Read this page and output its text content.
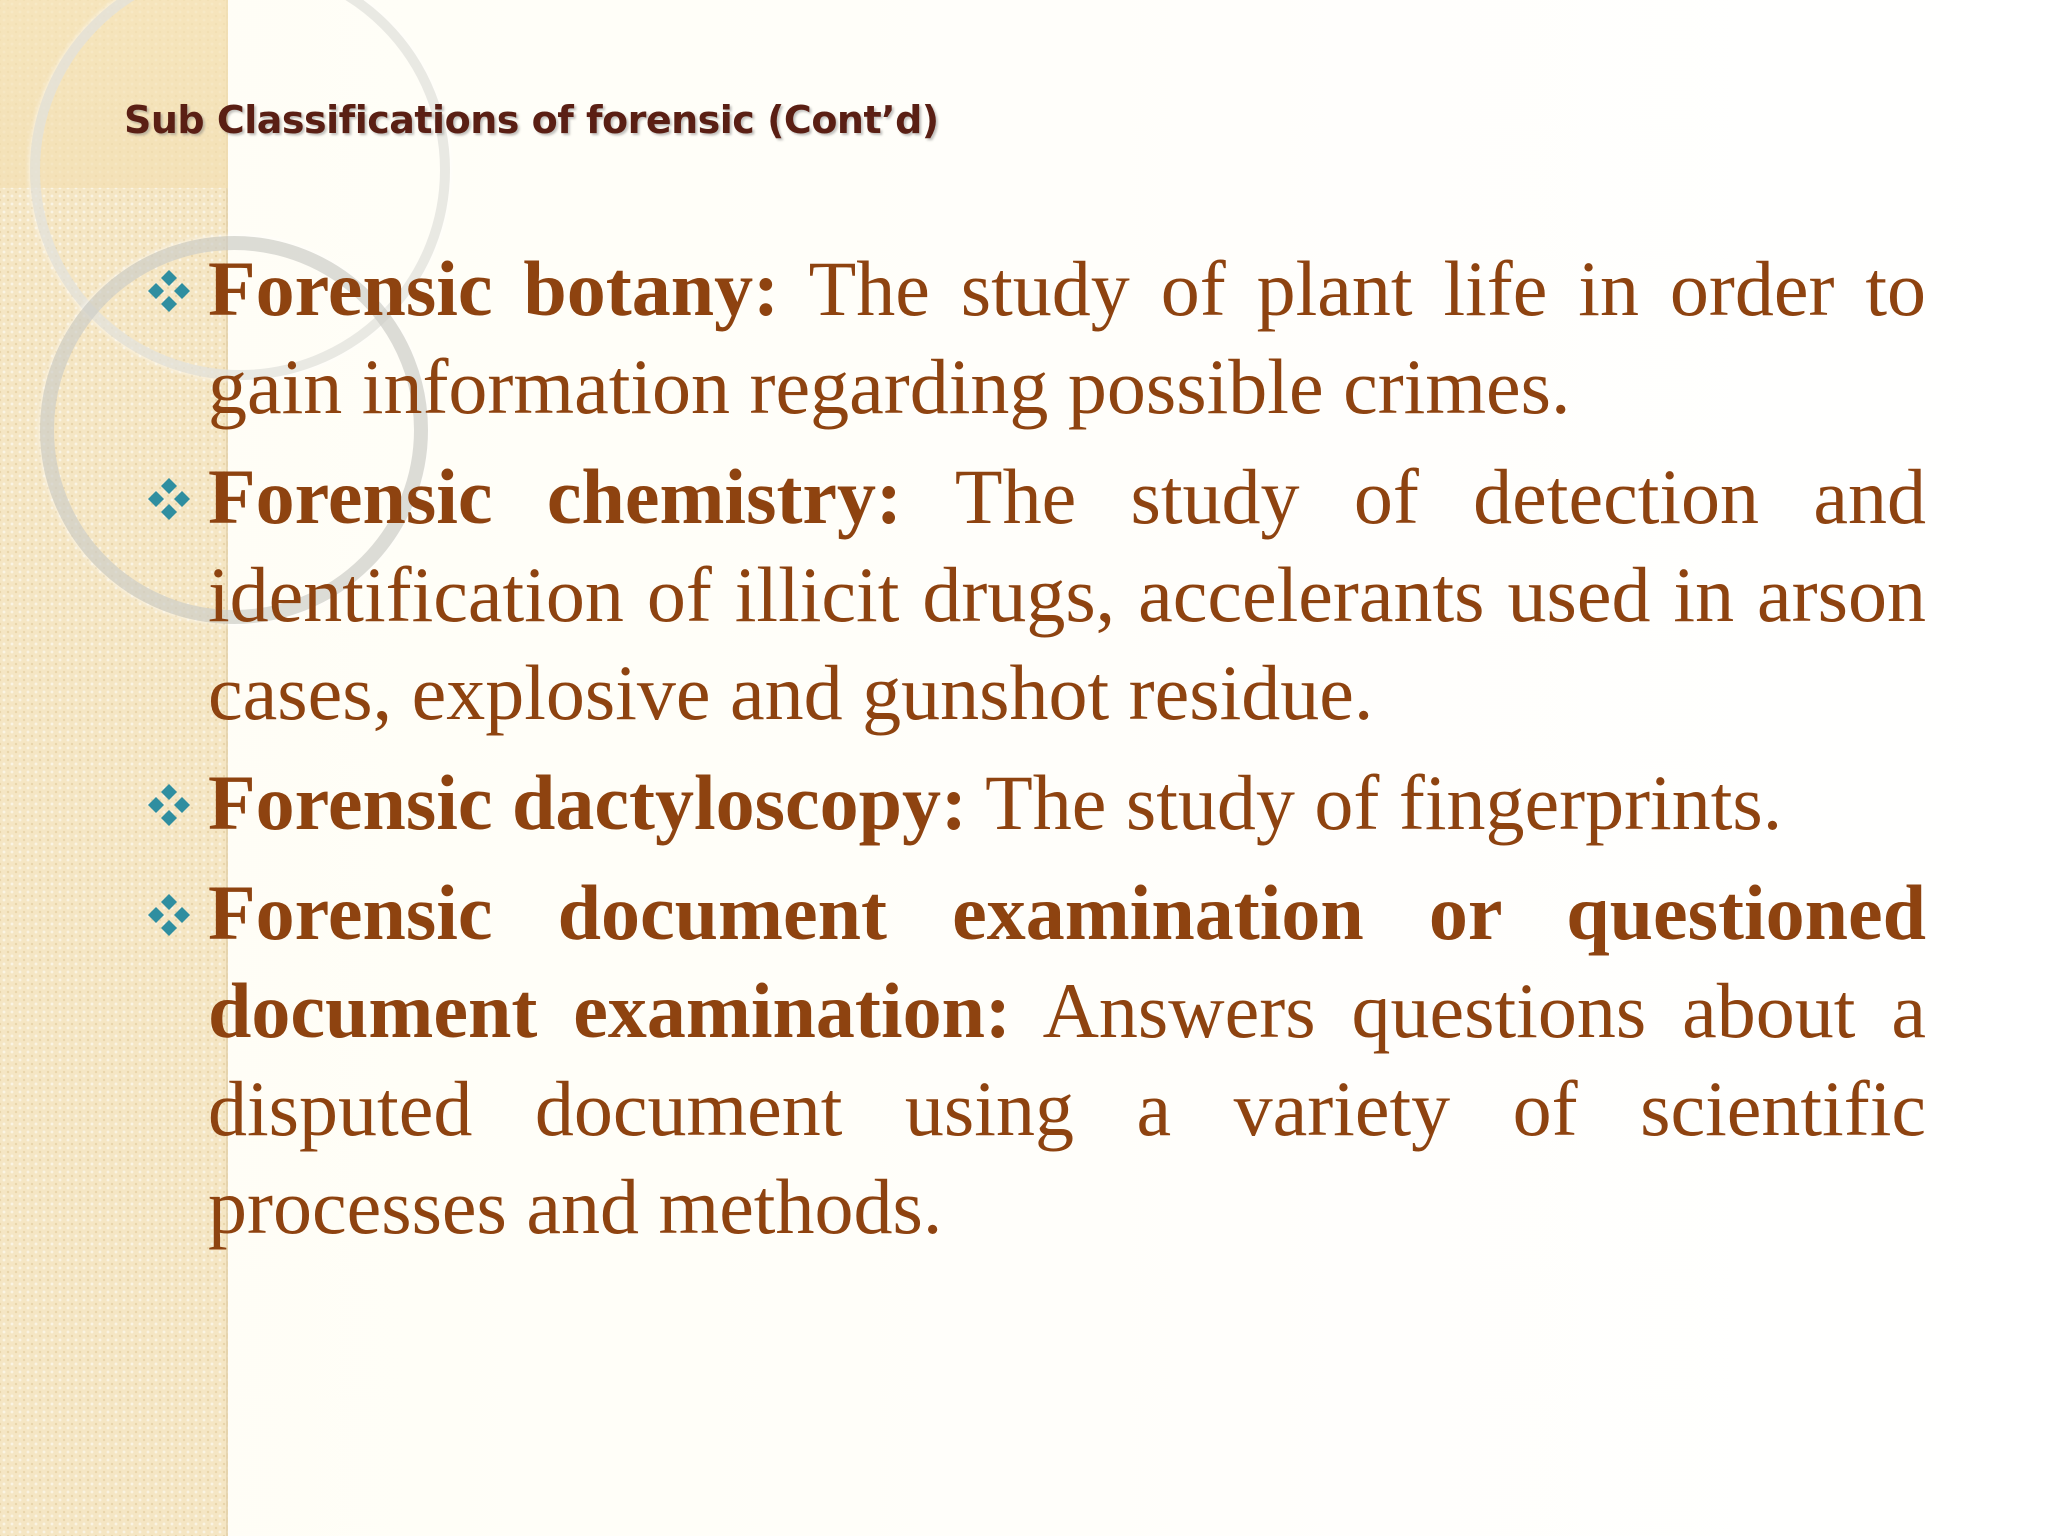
Sub Classifications of forensic (Cont’d)
Forensic botany: The study of plant life in order to gain information regarding possible crimes.
Forensic chemistry: The study of detection and identification of illicit drugs, accelerants used in arson cases, explosive and gunshot residue.
Forensic dactyloscopy: The study of fingerprints.
Forensic document examination or questioned document examination: Answers questions about a disputed document using a variety of scientific processes and methods.
